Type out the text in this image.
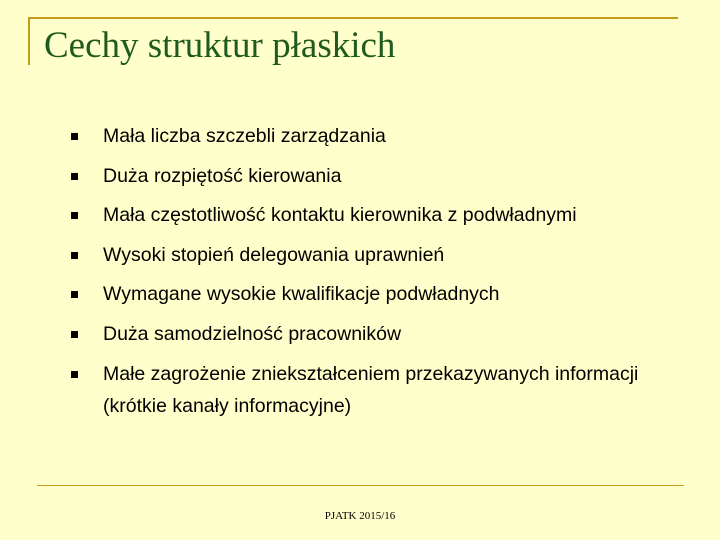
Cechy struktur płaskich
Mała liczba szczebli zarządzania
Duża rozpiętość kierowania
Mała częstotliwość kontaktu kierownika z podwładnymi
Wysoki stopień delegowania uprawnień
Wymagane wysokie kwalifikacje podwładnych
Duża samodzielność pracowników
Małe zagrożenie zniekształceniem przekazywanych informacji (krótkie kanały informacyjne)
PJATK 2015/16
